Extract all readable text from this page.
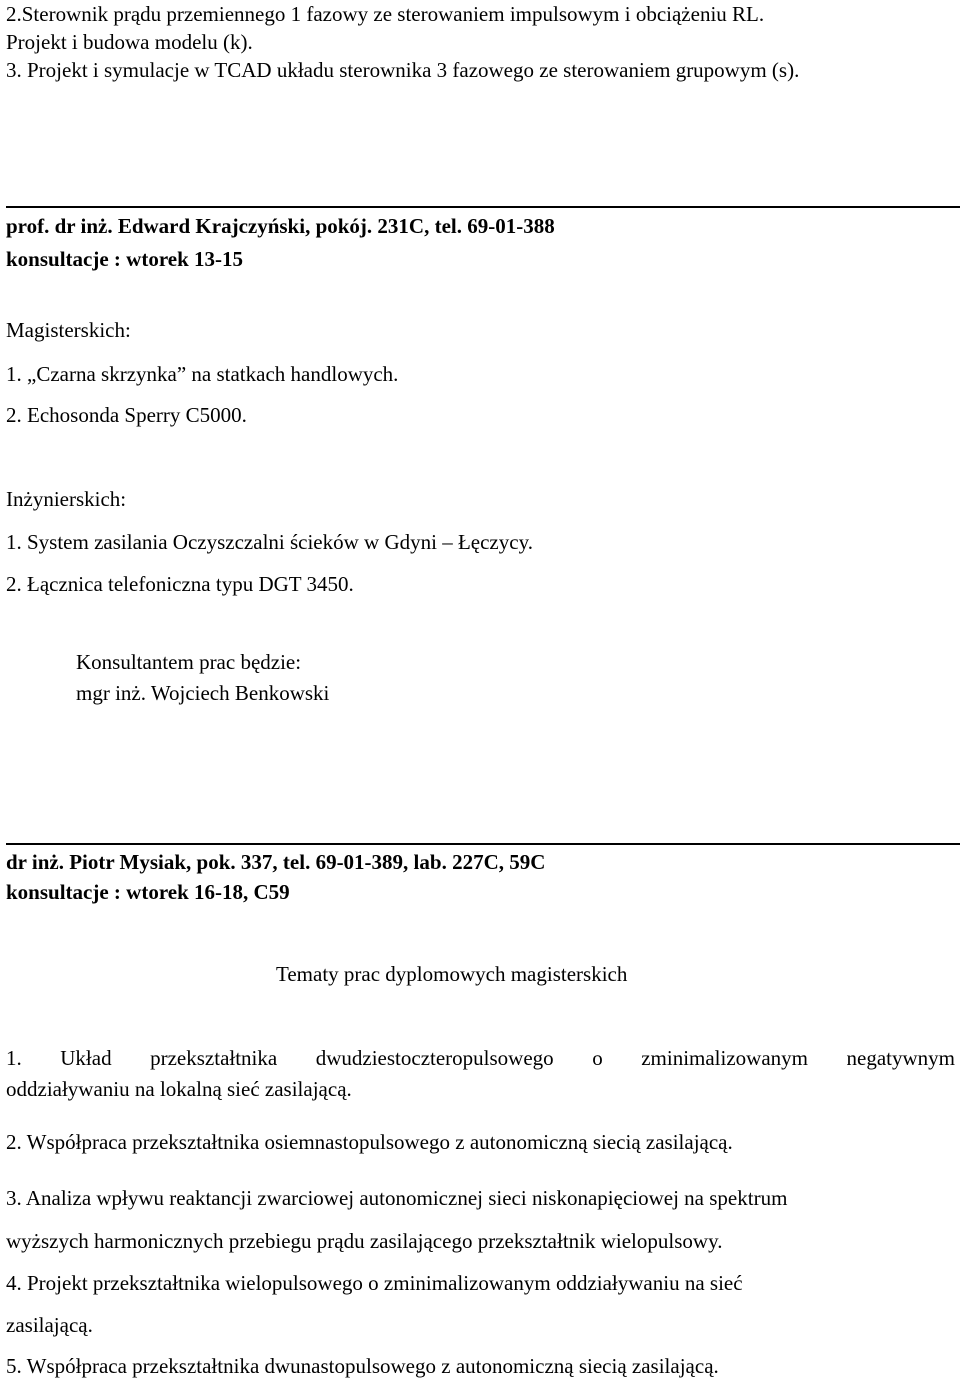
2.Sterownik prądu przemiennego 1 fazowy ze sterowaniem impulsowym i obciążeniu RL.
Projekt i budowa modelu (k).
3. Projekt i symulacje w TCAD układu sterownika 3 fazowego ze sterowaniem grupowym (s).
prof. dr inż. Edward Krajczyński, pokój. 231C, tel. 69-01-388
konsultacje : wtorek 13-15
Magisterskich:
1. „Czarna skrzynka” na statkach handlowych.
2. Echosonda Sperry C5000.
Inżynierskich:
1. System zasilania Oczyszczalni ścieków w Gdyni – Łęczycy.
2. Łącznica telefoniczna typu DGT 3450.
Konsultantem prac będzie:
mgr inż. Wojciech Benkowski
dr inż. Piotr Mysiak, pok. 337, tel. 69-01-389, lab. 227C, 59C
konsultacje : wtorek 16-18, C59
Tematy prac dyplomowych magisterskich
1. Układ przekształtnika dwudziestoczteropulsowego o zminimalizowanym negatywnym
oddziaływaniu na lokalną sieć zasilającą.
2. Współpraca przekształtnika osiemnastopulsowego z autonomiczną siecią zasilającą.
3. Analiza wpływu reaktancji zwarciowej autonomicznej sieci niskonapięciowej na spektrum
wyższych harmonicznych przebiegu prądu zasilającego przekształtnik wielopulsowy.
4. Projekt przekształtnika wielopulsowego o zminimalizowanym oddziaływaniu na sieć
zasilającą.
5. Współpraca przekształtnika dwunastopulsowego z autonomiczną siecią zasilającą.
